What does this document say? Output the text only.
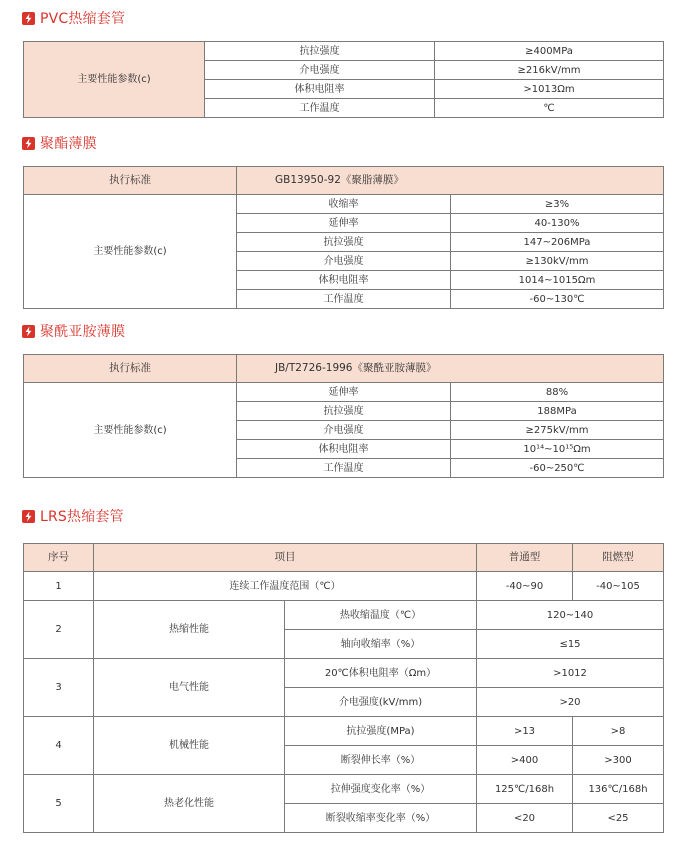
PVC热缩套管
主要性能参数(c)	抗拉强度	≥400MPa
	介电强度	≥216kV/mm
	体积电阻率	>1013Ωm
	工作温度	℃
聚酯薄膜
执行标准	GB13950-92《聚脂薄膜》	
主要性能参数(c)	收缩率	≥3%
	延伸率	40-130%
	抗拉强度	147~206MPa
	介电强度	≥130kV/mm
	体积电阻率	1014~1015Ωm
	工作温度	-60~130℃
聚酰亚胺薄膜
执行标准	JB/T2726-1996《聚酰亚胺薄膜》	
主要性能参数(c)	延伸率	88%
	抗拉强度	188MPa
	介电强度	≥275kV/mm
	体积电阻率	10¹⁴~10¹⁵Ωm
	工作温度	-60~250℃
LRS热缩套管
序号	项目		普通型	阻燃型
1	连续工作温度范围（℃）		-40~90	-40~105
2	热缩性能	热收缩温度（℃）	120~140	
		轴向收缩率（%）	≤15	
3	电气性能	20℃体积电阻率（Ωm）	>1012	
		介电强度(kV/mm)	>20	
4	机械性能	抗拉强度(MPa)	>13	>8
		断裂伸长率（%）	>400	>300
5	热老化性能	拉伸强度变化率（%）	125℃/168h	136℃/168h
		断裂收缩率变化率（%）	<20	<25
